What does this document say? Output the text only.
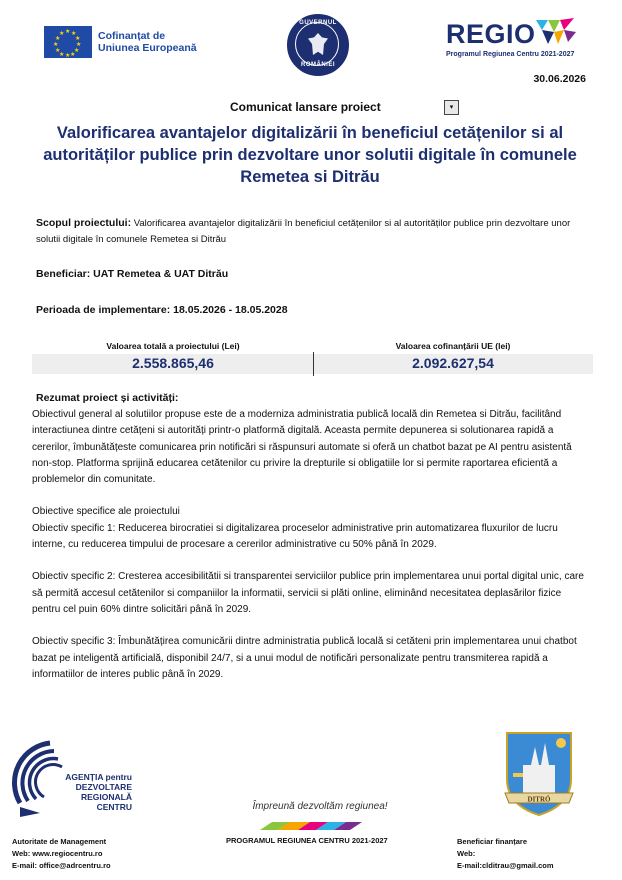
★ ★
★
★
★
★
★
★
★
★
★
★	Cofinanțat de
Uniunea Europeană
GUVERNUL
ROMÂNIEI
REGIO
Programul Regiunea Centru 2021-2027
30.06.2026
Comunicat lansare proiect	▾
Valorificarea avantajelor digitalizării în beneficiul cetățenilor si al autorităților publice prin dezvoltare unor solutii digitale în comunele Remetea si Ditrău
Scopul proiectului: Valorificarea avantajelor digitalizării în beneficiul cetățenilor si al autorităților publice prin dezvoltare unor solutii digitale în comunele Remetea si Ditrău
Beneficiar: UAT Remetea & UAT Ditrău
Perioada de implementare: 18.05.2026 - 18.05.2028
Valoarea totală a proiectului (Lei)	Valoarea cofinanțării UE (lei)
2.558.865,46	2.092.627,54
Rezumat proiect și activități:

Obiectivul general al solutiilor propuse este de a moderniza administratia publică locală din Remetea si Ditrău, facilitând interactiunea dintre cetățeni si autorități printr-o platformă digitală. Aceasta permite depunerea si solutionarea rapidă a cererilor, îmbunătățeste comunicarea prin notificări si răspunsuri automate si oferă un chatbot bazat pe AI pentru asistentă non-stop. Platforma sprijină educarea cetătenilor cu privire la drepturile si obligatiile lor si permite raportarea eficientă a problemelor din comunitate.

Obiective specifice ale proiectului

Obiectiv specific 1: Reducerea birocratiei si digitalizarea proceselor administrative prin automatizarea fluxurilor de lucru interne, cu reducerea timpului de procesare a cererilor administrative cu 50% până în 2029.

Obiectiv specific 2: Cresterea accesibilitătii si transparentei serviciilor publice prin implementarea unui portal digital unic, care să permită accesul cetătenilor si companiilor la informatii, servicii si plăti online, eliminând necesitatea deplasărilor fizice pentru cel puin 60% dintre solicitări până în 2029.

Obiectiv specific 3: Îmbunătățirea comunicării dintre administratia publică locală si cetăteni prin implementarea unui chatbot bazat pe inteligentă artificială, disponibil 24/7, si a unui modul de notificări personalizate pentru transmiterea rapidă a informatiilor de interes public până în 2029.

AGENȚIA pentru
DEZVOLTARE
REGIONALĂ
CENTRU	Împreună dezvoltăm regiunea!
DITRÓ
Autoritate de Management
Web: www.regiocentru.ro
E-mail: office@adrcentru.ro
PROGRAMUL REGIUNEA CENTRU 2021-2027	Beneficiar finanțare
Web:
E-mail:clditrau@gmail.com
